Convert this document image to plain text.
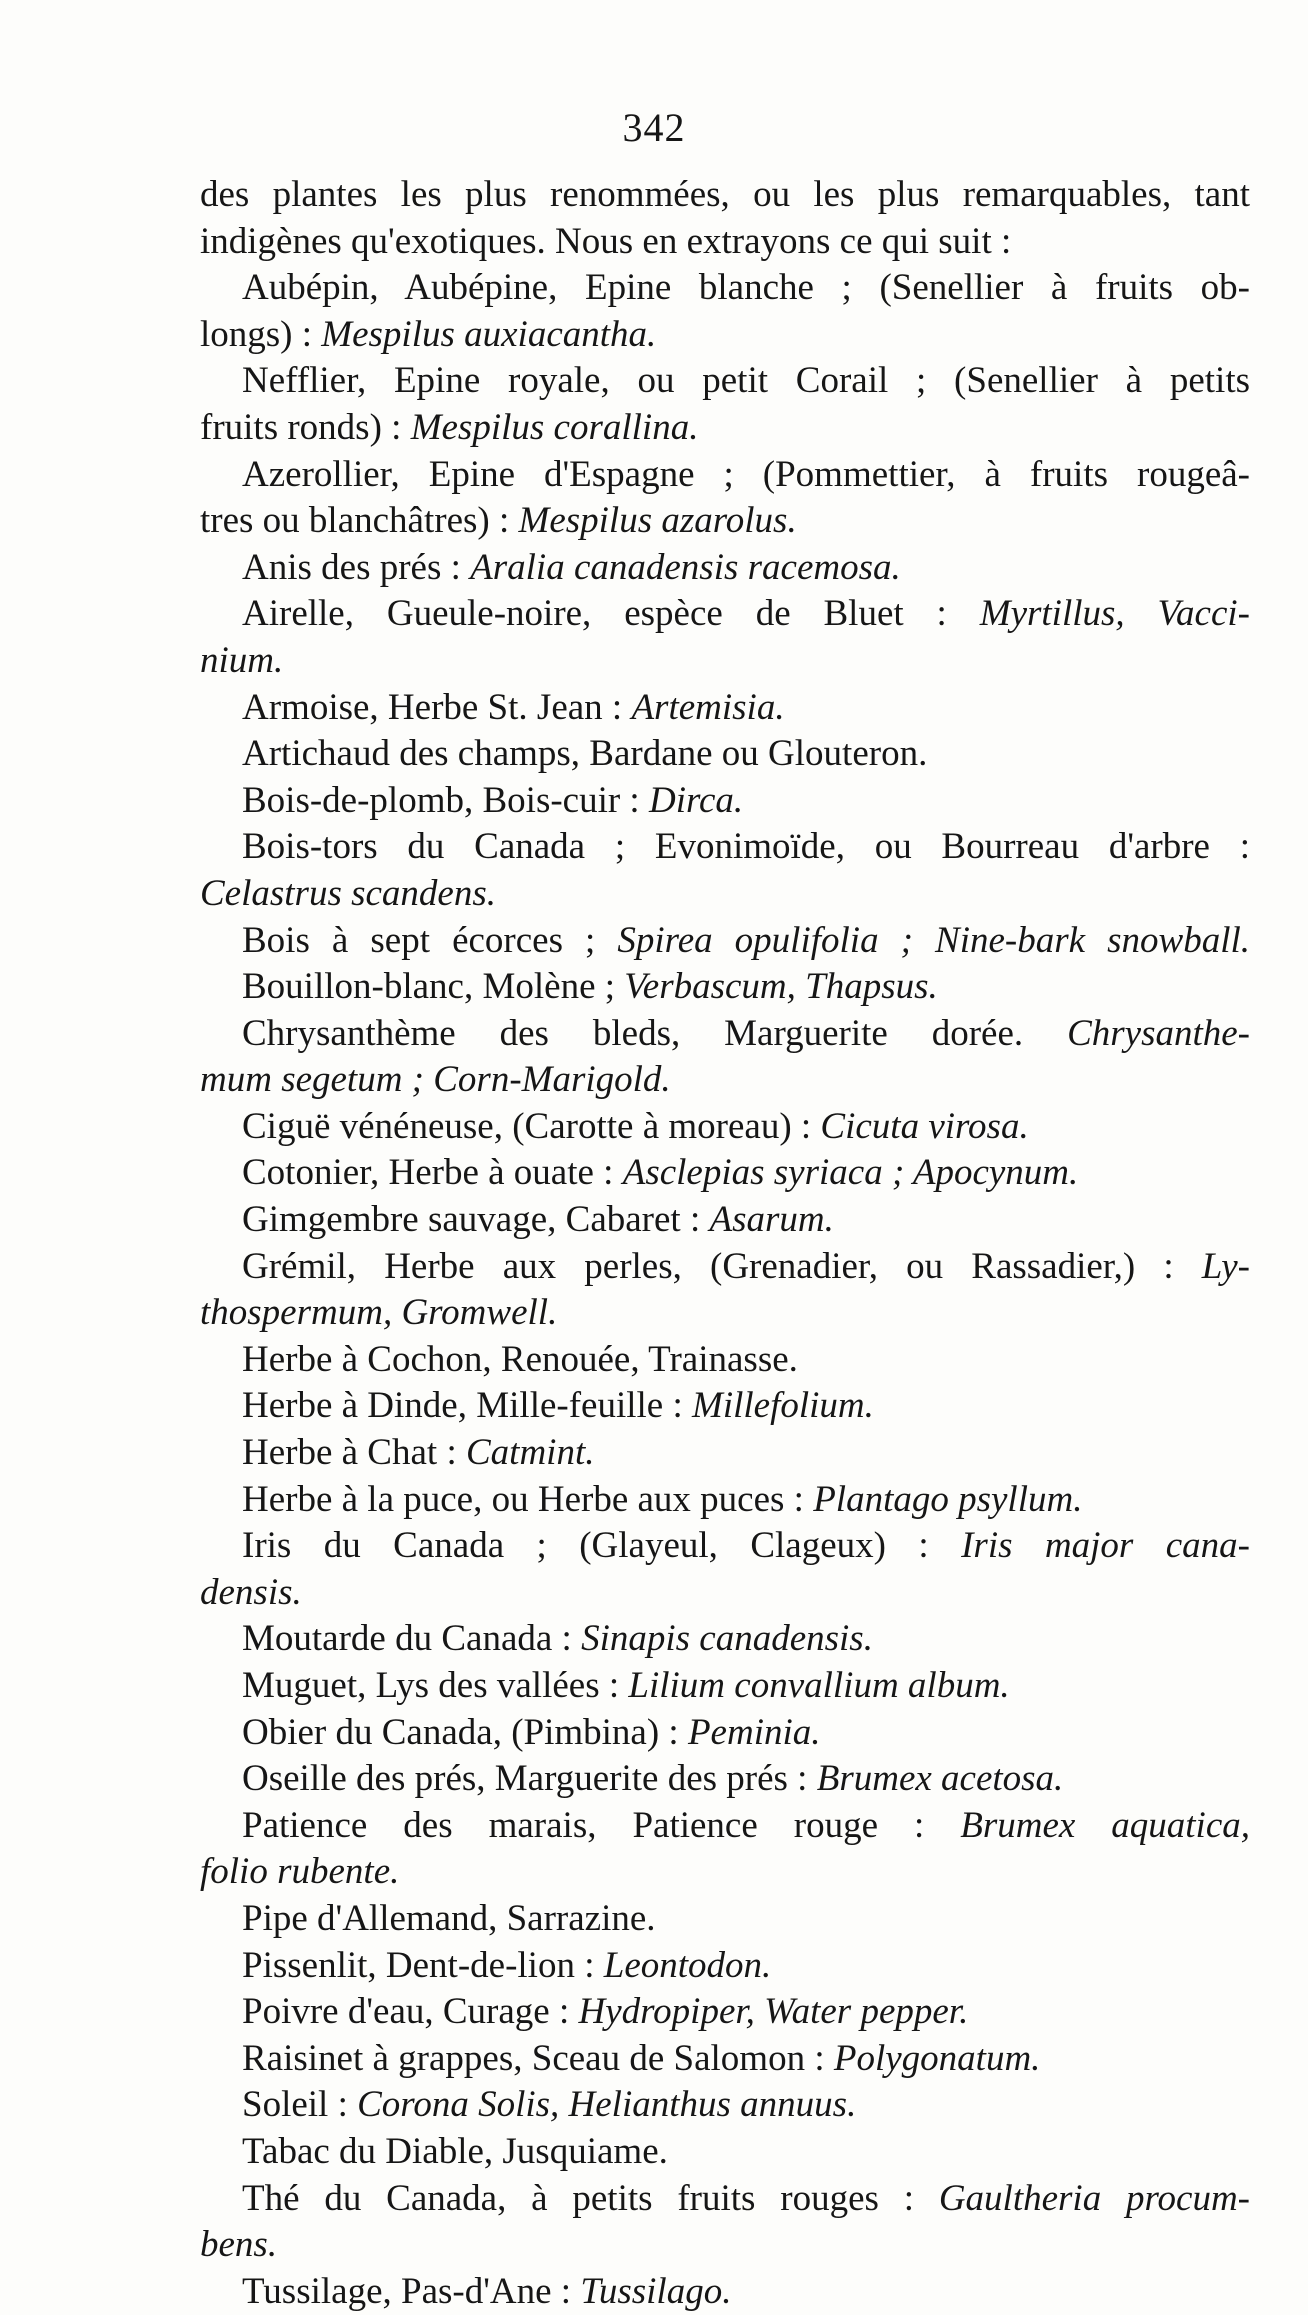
342
des plantes les plus renommées, ou les plus remarquables, tant
indigènes qu'exotiques. Nous en extrayons ce qui suit :
Aubépin, Aubépine, Epine blanche ; (Senellier à fruits ob-
longs) : Mespilus auxiacantha.
Nefflier, Epine royale, ou petit Corail ; (Senellier à petits
fruits ronds) : Mespilus corallina.
Azerollier, Epine d'Espagne ; (Pommettier, à fruits rougeâ-
tres ou blanchâtres) : Mespilus azarolus.
Anis des prés : Aralia canadensis racemosa.
Airelle, Gueule-noire, espèce de Bluet : Myrtillus, Vacci-
nium.
Armoise, Herbe St. Jean : Artemisia.
Artichaud des champs, Bardane ou Glouteron.
Bois-de-plomb, Bois-cuir : Dirca.
Bois-tors du Canada ; Evonimoïde, ou Bourreau d'arbre :
Celastrus scandens.
Bois à sept écorces ; Spirea opulifolia ; Nine-bark snowball.
Bouillon-blanc, Molène ; Verbascum, Thapsus.
Chrysanthème des bleds, Marguerite dorée. Chrysanthe-
mum segetum ; Corn-Marigold.
Ciguë vénéneuse, (Carotte à moreau) : Cicuta virosa.
Cotonier, Herbe à ouate : Asclepias syriaca ; Apocynum.
Gimgembre sauvage, Cabaret : Asarum.
Grémil, Herbe aux perles, (Grenadier, ou Rassadier,) : Ly-
thospermum, Gromwell.
Herbe à Cochon, Renouée, Trainasse.
Herbe à Dinde, Mille-feuille : Millefolium.
Herbe à Chat : Catmint.
Herbe à la puce, ou Herbe aux puces : Plantago psyllum.
Iris du Canada ; (Glayeul, Clageux) : Iris major cana-
densis.
Moutarde du Canada : Sinapis canadensis.
Muguet, Lys des vallées : Lilium convallium album.
Obier du Canada, (Pimbina) : Peminia.
Oseille des prés, Marguerite des prés : Brumex acetosa.
Patience des marais, Patience rouge : Brumex aquatica,
folio rubente.
Pipe d'Allemand, Sarrazine.
Pissenlit, Dent-de-lion : Leontodon.
Poivre d'eau, Curage : Hydropiper, Water pepper.
Raisinet à grappes, Sceau de Salomon : Polygonatum.
Soleil : Corona Solis, Helianthus annuus.
Tabac du Diable, Jusquiame.
Thé du Canada, à petits fruits rouges : Gaultheria procum-
bens.
Tussilage, Pas-d'Ane : Tussilago.
